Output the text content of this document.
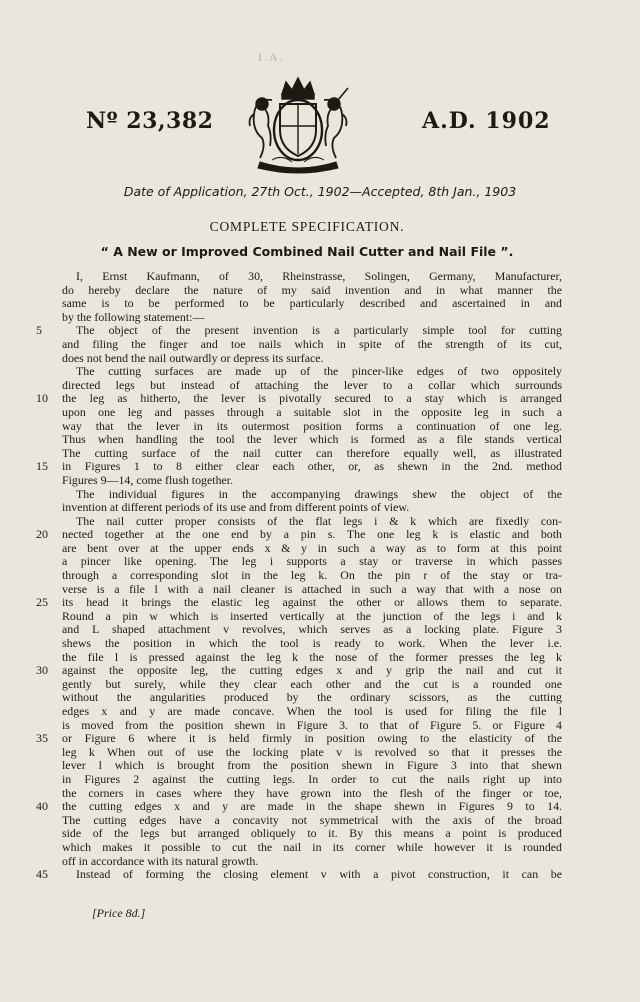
I.A.
Nº 23,382	A.D. 1902
Date of Application, 27th Oct., 1902—Accepted, 8th Jan., 1903
COMPLETE SPECIFICATION.
“ A New or Improved Combined Nail Cutter and Nail File ”.
I, Ernst Kaufmann, of 30, Rheinstrasse, Solingen, Germany, Manufacturer,
do hereby declare the nature of my said invention and in what manner the
same is to be performed to be particularly described and ascertained in and
by the following statement:—
The object of the present invention is a particularly simple tool for cutting
and filing the finger and toe nails which in spite of the strength of its cut,
does not bend the nail outwardly or depress its surface.
The cutting surfaces are made up of the pincer-like edges of two oppositely
directed legs but instead of attaching the lever to a collar which surrounds
the leg as hitherto, the lever is pivotally secured to a stay which is arranged
upon one leg and passes through a suitable slot in the opposite leg in such a
way that the lever in its outermost position forms a continuation of one leg.
Thus when handling the tool the lever which is formed as a file stands vertical
The cutting surface of the nail cutter can therefore equally well, as illustrated
in Figures 1 to 8 either clear each other, or, as shewn in the 2nd. method
Figures 9—14, come flush together.
The individual figures in the accompanying drawings shew the object of the
invention at different periods of its use and from different points of view.
The nail cutter proper consists of the flat legs i & k which are fixedly con-
nected together at the one end by a pin s. The one leg k is elastic and both
are bent over at the upper ends x & y in such a way as to form at this point
a pincer like opening. The leg i supports a stay or traverse in which passes
through a corresponding slot in the leg k. On the pin r of the stay or tra-
verse is a file l with a nail cleaner is attached in such a way that with a nose on
its head it brings the elastic leg against the other or allows them to separate.
Round a pin w which is inserted vertically at the junction of the legs i and k
and L shaped attachment v revolves, which serves as a locking plate. Figure 3
shews the position in which the tool is ready to work. When the lever i.e.
the file l is pressed against the leg k the nose of the former presses the leg k
against the opposite leg, the cutting edges x and y grip the nail and cut it
gently but surely, while they clear each other and the cut is a rounded one
without the angularities produced by the ordinary scissors, as the cutting
edges x and y are made concave. When the tool is used for filing the file l
is moved from the position shewn in Figure 3. to that of Figure 5. or Figure 4
or Figure 6 where it is held firmly in position owing to the elasticity of the
leg k When out of use the locking plate v is revolved so that it presses the
lever l which is brought from the position shewn in Figure 3 into that shewn
in Figures 2 against the cutting legs. In order to cut the nails right up into
the corners in cases where they have grown into the flesh of the finger or toe,
the cutting edges x and y are made in the shape shewn in Figures 9 to 14.
The cutting edges have a concavity not symmetrical with the axis of the broad
side of the legs but arranged obliquely to it. By this means a point is produced
which makes it possible to cut the nail in its corner while however it is rounded
off in accordance with its natural growth.
Instead of forming the closing element v with a pivot construction, it can be
5
10
15
20
25
30
35
40
45
[Price 8d.]
